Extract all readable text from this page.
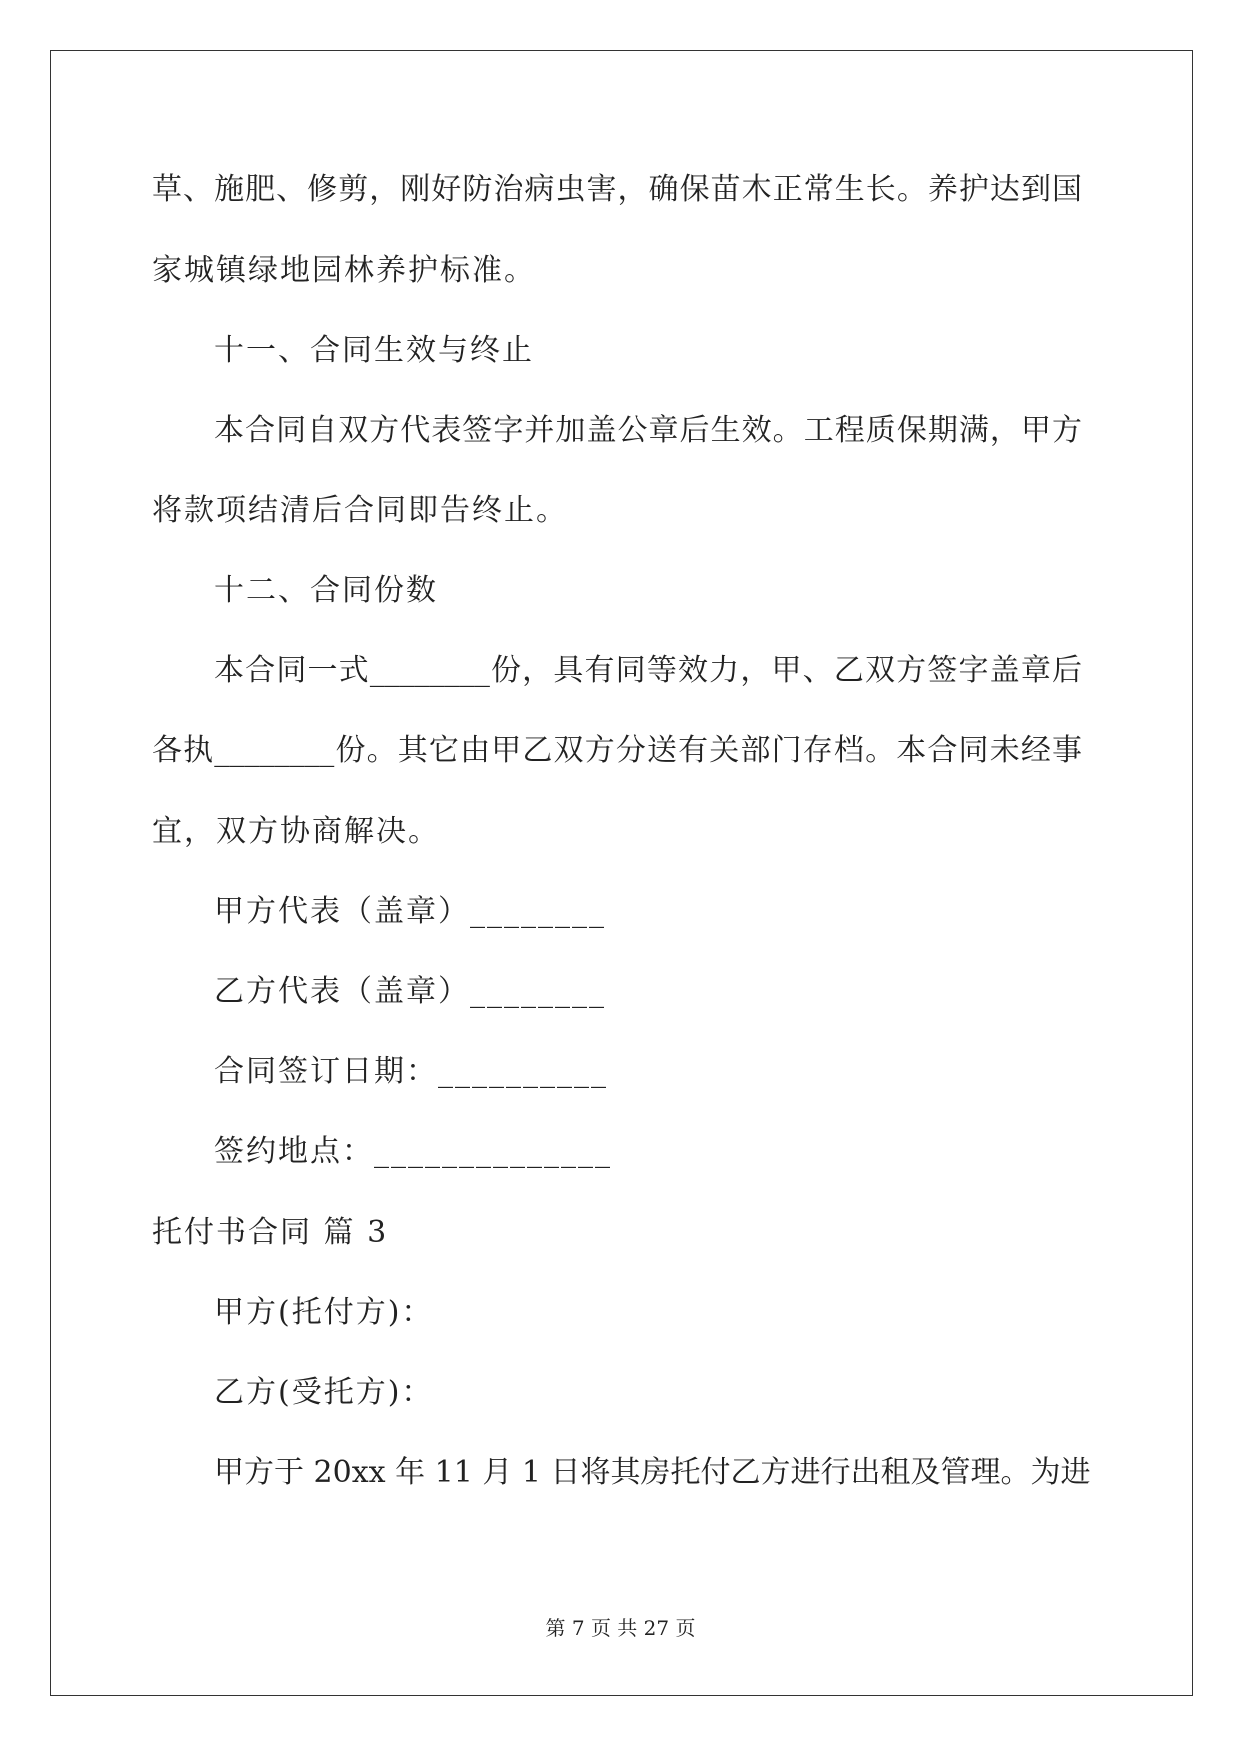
草、施肥、修剪，刚好防治病虫害，确保苗木正常生长。养护达到国
家城镇绿地园林养护标准。
十一、合同生效与终止
本合同自双方代表签字并加盖公章后生效。工程质保期满，甲方
将款项结清后合同即告终止。
十二、合同份数
本合同一式________份，具有同等效力，甲、乙双方签字盖章后
各执________份。其它由甲乙双方分送有关部门存档。本合同未经事
宜，双方协商解决。
甲方代表（盖章）________
乙方代表（盖章）________
合同签订日期：__________
签约地点：______________
托付书合同 篇 3
甲方(托付方)：
乙方(受托方)：
甲方于 20xx 年 11 月 1 日将其房托付乙方进行出租及管理。为进
第 7 页 共 27 页
